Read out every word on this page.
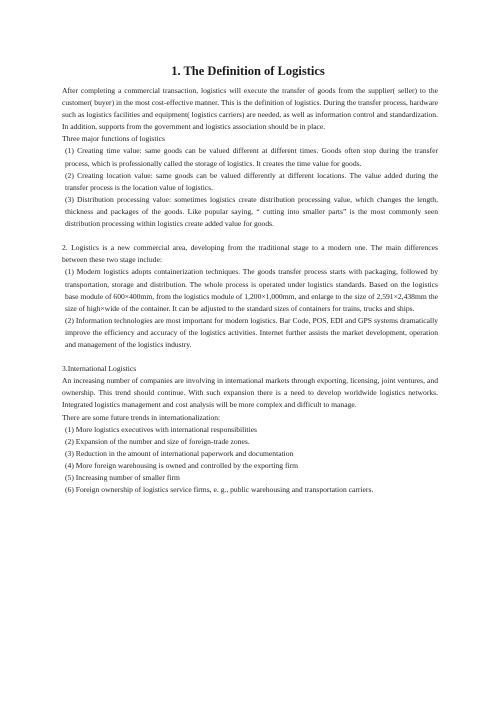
1. The Definition of Logistics

After completing a commercial transaction, logistics will execute the transfer of goods from the supplier( seller) to the customer( buyer) in the most cost-effective manner. This is the definition of logistics. During the transfer process, hardware such as logistics facilities and equipment( logistics carriers) are needed, as well as information control and standardization. In addition, supports from the government and logistics association should be in place.

Three major functions of logistics

(1) Creating time value: same goods can be valued different at different times. Goods often stop during the transfer process, which is professionally called the storage of logistics. It creates the time value for goods.

(2) Creating location value: same goods can be valued differently at different locations. The value added during the transfer process is the location value of logistics.

(3) Distribution processing value: sometimes logistics create distribution processing value, which changes the length, thickness and packages of the goods. Like popular saying, “ cutting into smaller parts” is the most commonly seen distribution processing within logistics create added value for goods.

2. Logistics is a new commercial area, developing from the traditional stage to a modern one. The main differences between these two stage include:

(1) Modern logistics adopts containerization techniques. The goods transfer process starts with packaging, followed by transportation, storage and distribution. The whole process is operated under logistics standards. Based on the logistics base module of 600×400mm, from the logistics module of 1,200×1,000mm, and enlarge to the size of 2,591×2,438mm the size of high×wide of the container. It can be adjusted to the standard sizes of containers for trains, trucks and ships.

(2) Information technologies are most important for modern logistics. Bar Code, POS, EDI and GPS systems dramatically improve the efficiency and accuracy of the logistics activities. Internet further assists the market development, operation and management of the logistics industry.

3.International Logistics

An increasing number of companies are involving in international markets through exporting, licensing, joint ventures, and ownership. This trend should continue. With such expansion there is a need to develop worldwide logistics networks. Integrated logistics management and cost analysis will be more complex and difficult to manage.

There are some future trends in internationalization:

(1) More logistics executives with international responsibilities

(2) Expansion of the number and size of foreign-trade zones.

(3) Reduction in the amount of international paperwork and documentation

(4) More foreign warehousing is owned and controlled by the exporting firm

(5) Increasing number of smaller firm

(6) Foreign ownership of logistics service firms, e. g., public warehousing and transportation carriers.
